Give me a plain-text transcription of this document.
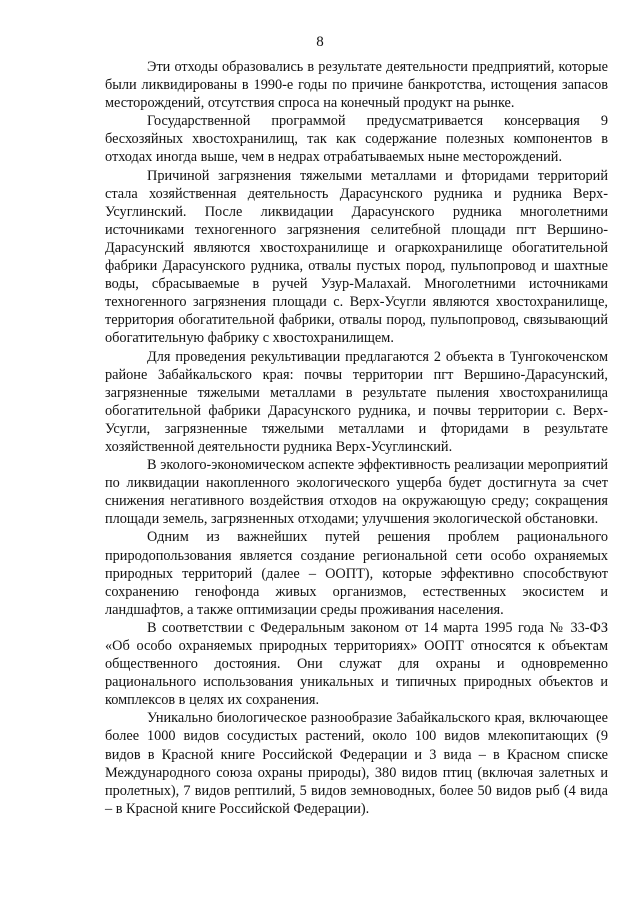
8

Эти отходы образовались в результате деятельности предприятий, которые были ликвидированы в 1990-е годы по причине банкротства, истощения запасов месторождений, отсутствия спроса на конечный продукт на рынке.

Государственной программой предусматривается консервация 9 бесхозяйных хвостохранилищ, так как содержание полезных компонентов в отходах иногда выше, чем в недрах отрабатываемых ныне месторождений.

Причиной загрязнения тяжелыми металлами и фторидами территорий стала хозяйственная деятельность Дарасунского рудника и рудника Верх-Усуглинский. После ликвидации Дарасунского рудника многолетними источниками техногенного загрязнения селитебной площади пгт Вершино-Дарасунский являются хвостохранилище и огаркохранилище обогатительной фабрики Дарасунского рудника, отвалы пустых пород, пульпопровод и шахтные воды, сбрасываемые в ручей Узур-Малахай. Многолетними источниками техногенного загрязнения площади с. Верх-Усугли являются хвостохранилище, территория обогатительной фабрики, отвалы пород, пульпопровод, связывающий обогатительную фабрику с хвостохранилищем.

Для проведения рекультивации предлагаются 2 объекта в Тунгокоченском районе Забайкальского края: почвы территории пгт Вершино-Дарасунский, загрязненные тяжелыми металлами в результате пыления хвостохранилища обогатительной фабрики Дарасунского рудника, и почвы территории с. Верх-Усугли, загрязненные тяжелыми металлами и фторидами в результате хозяйственной деятельности рудника Верх-Усуглинский.

В эколого-экономическом аспекте эффективность реализации мероприятий по ликвидации накопленного экологического ущерба будет достигнута за счет снижения негативного воздействия отходов на окружающую среду; сокращения площади земель, загрязненных отходами; улучшения экологической обстановки.

Одним из важнейших путей решения проблем рационального природопользования является создание региональной сети особо охраняемых природных территорий (далее – ООПТ), которые эффективно способствуют сохранению генофонда живых организмов, естественных экосистем и ландшафтов, а также оптимизации среды проживания населения.

В соответствии с Федеральным законом от 14 марта 1995 года № 33-ФЗ «Об особо охраняемых природных территориях» ООПТ относятся к объектам общественного достояния. Они служат для охраны и одновременно рационального использования уникальных и типичных природных объектов и комплексов в целях их сохранения.

Уникально биологическое разнообразие Забайкальского края, включающее более 1000 видов сосудистых растений, около 100 видов млекопитающих (9 видов в Красной книге Российской Федерации и 3 вида – в Красном списке Международного союза охраны природы), 380 видов птиц (включая залетных и пролетных), 7 видов рептилий, 5 видов земноводных, более 50 видов рыб (4 вида – в Красной книге Российской Федерации).
